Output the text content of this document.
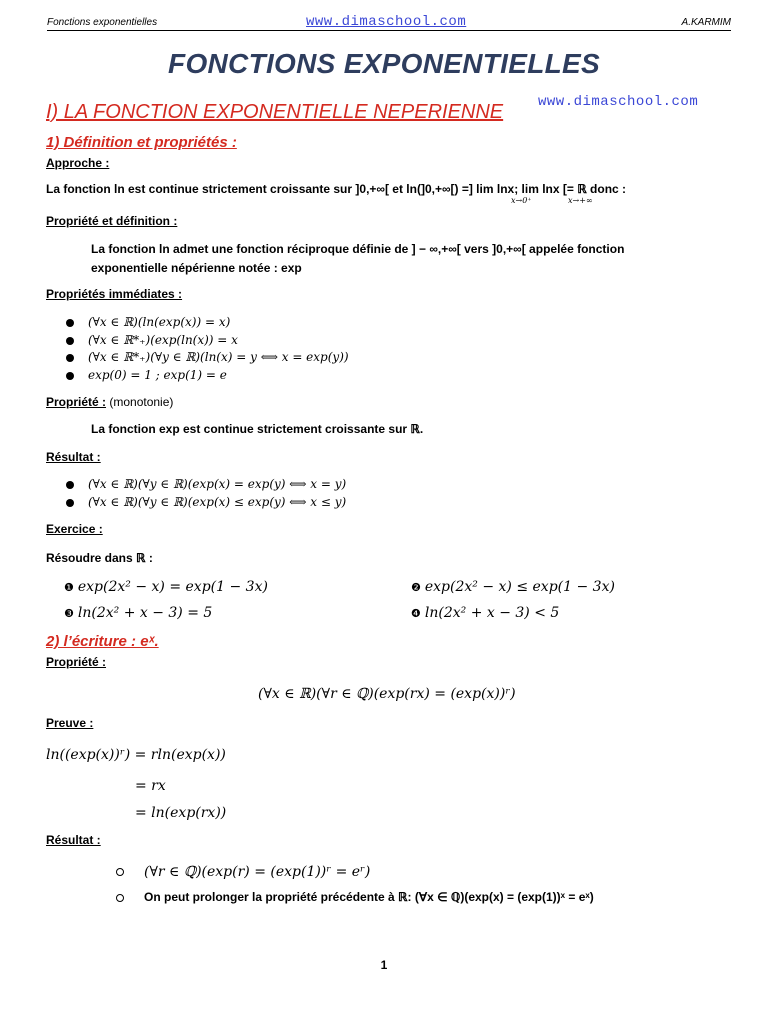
Fonctions exponentielles	www.dimaschool.com	A.KARMIM
FONCTIONS EXPONENTIELLES
www.dimaschool.com
I) LA FONCTION EXPONENTIELLE NEPERIENNE
1) Définition et propriétés :
Approche :
La fonction ln est continue strictement croissante sur ]0,+∞[ et ln(]0,+∞[) =] lim lnx; lim lnx [= ℝ donc :
x→0⁺	x→+∞
Propriété et définition :
La fonction ln admet une fonction réciproque définie de ] − ∞,+∞[ vers ]0,+∞[ appelée fonction
exponentielle népérienne notée : exp
Propriétés immédiates :
(∀x ∈ ℝ)(ln(exp(x)) = x)
(∀x ∈ ℝ*₊)(exp(ln(x)) = x
(∀x ∈ ℝ*₊)(∀y ∈ ℝ)(ln(x) = y ⟺ x = exp(y))
exp(0) = 1 ; exp(1) = e
Propriété : (monotonie)
La fonction exp est continue strictement croissante sur ℝ.
Résultat :
(∀x ∈ ℝ)(∀y ∈ ℝ)(exp(x) = exp(y) ⟺ x = y)
(∀x ∈ ℝ)(∀y ∈ ℝ)(exp(x) ≤ exp(y) ⟺ x ≤ y)
Exercice :
Résoudre dans ℝ :
❶ exp(2x² − x) = exp(1 − 3x)	❷ exp(2x² − x) ≤ exp(1 − 3x)
❸ ln(2x² + x − 3) = 5	❹ ln(2x² + x − 3) < 5
2) l’écriture : eˣ.
Propriété :
(∀x ∈ ℝ)(∀r ∈ ℚ)(exp(rx) = (exp(x))ʳ)
Preuve :
ln((exp(x))ʳ) = rln(exp(x))
= rx
= ln(exp(rx))
Résultat :
(∀r ∈ ℚ)(exp(r) = (exp(1))ʳ = eʳ)
On peut prolonger la propriété précédente à ℝ: (∀x ∈ ℚ)(exp(x) = (exp(1))ˣ = eˣ)
1
